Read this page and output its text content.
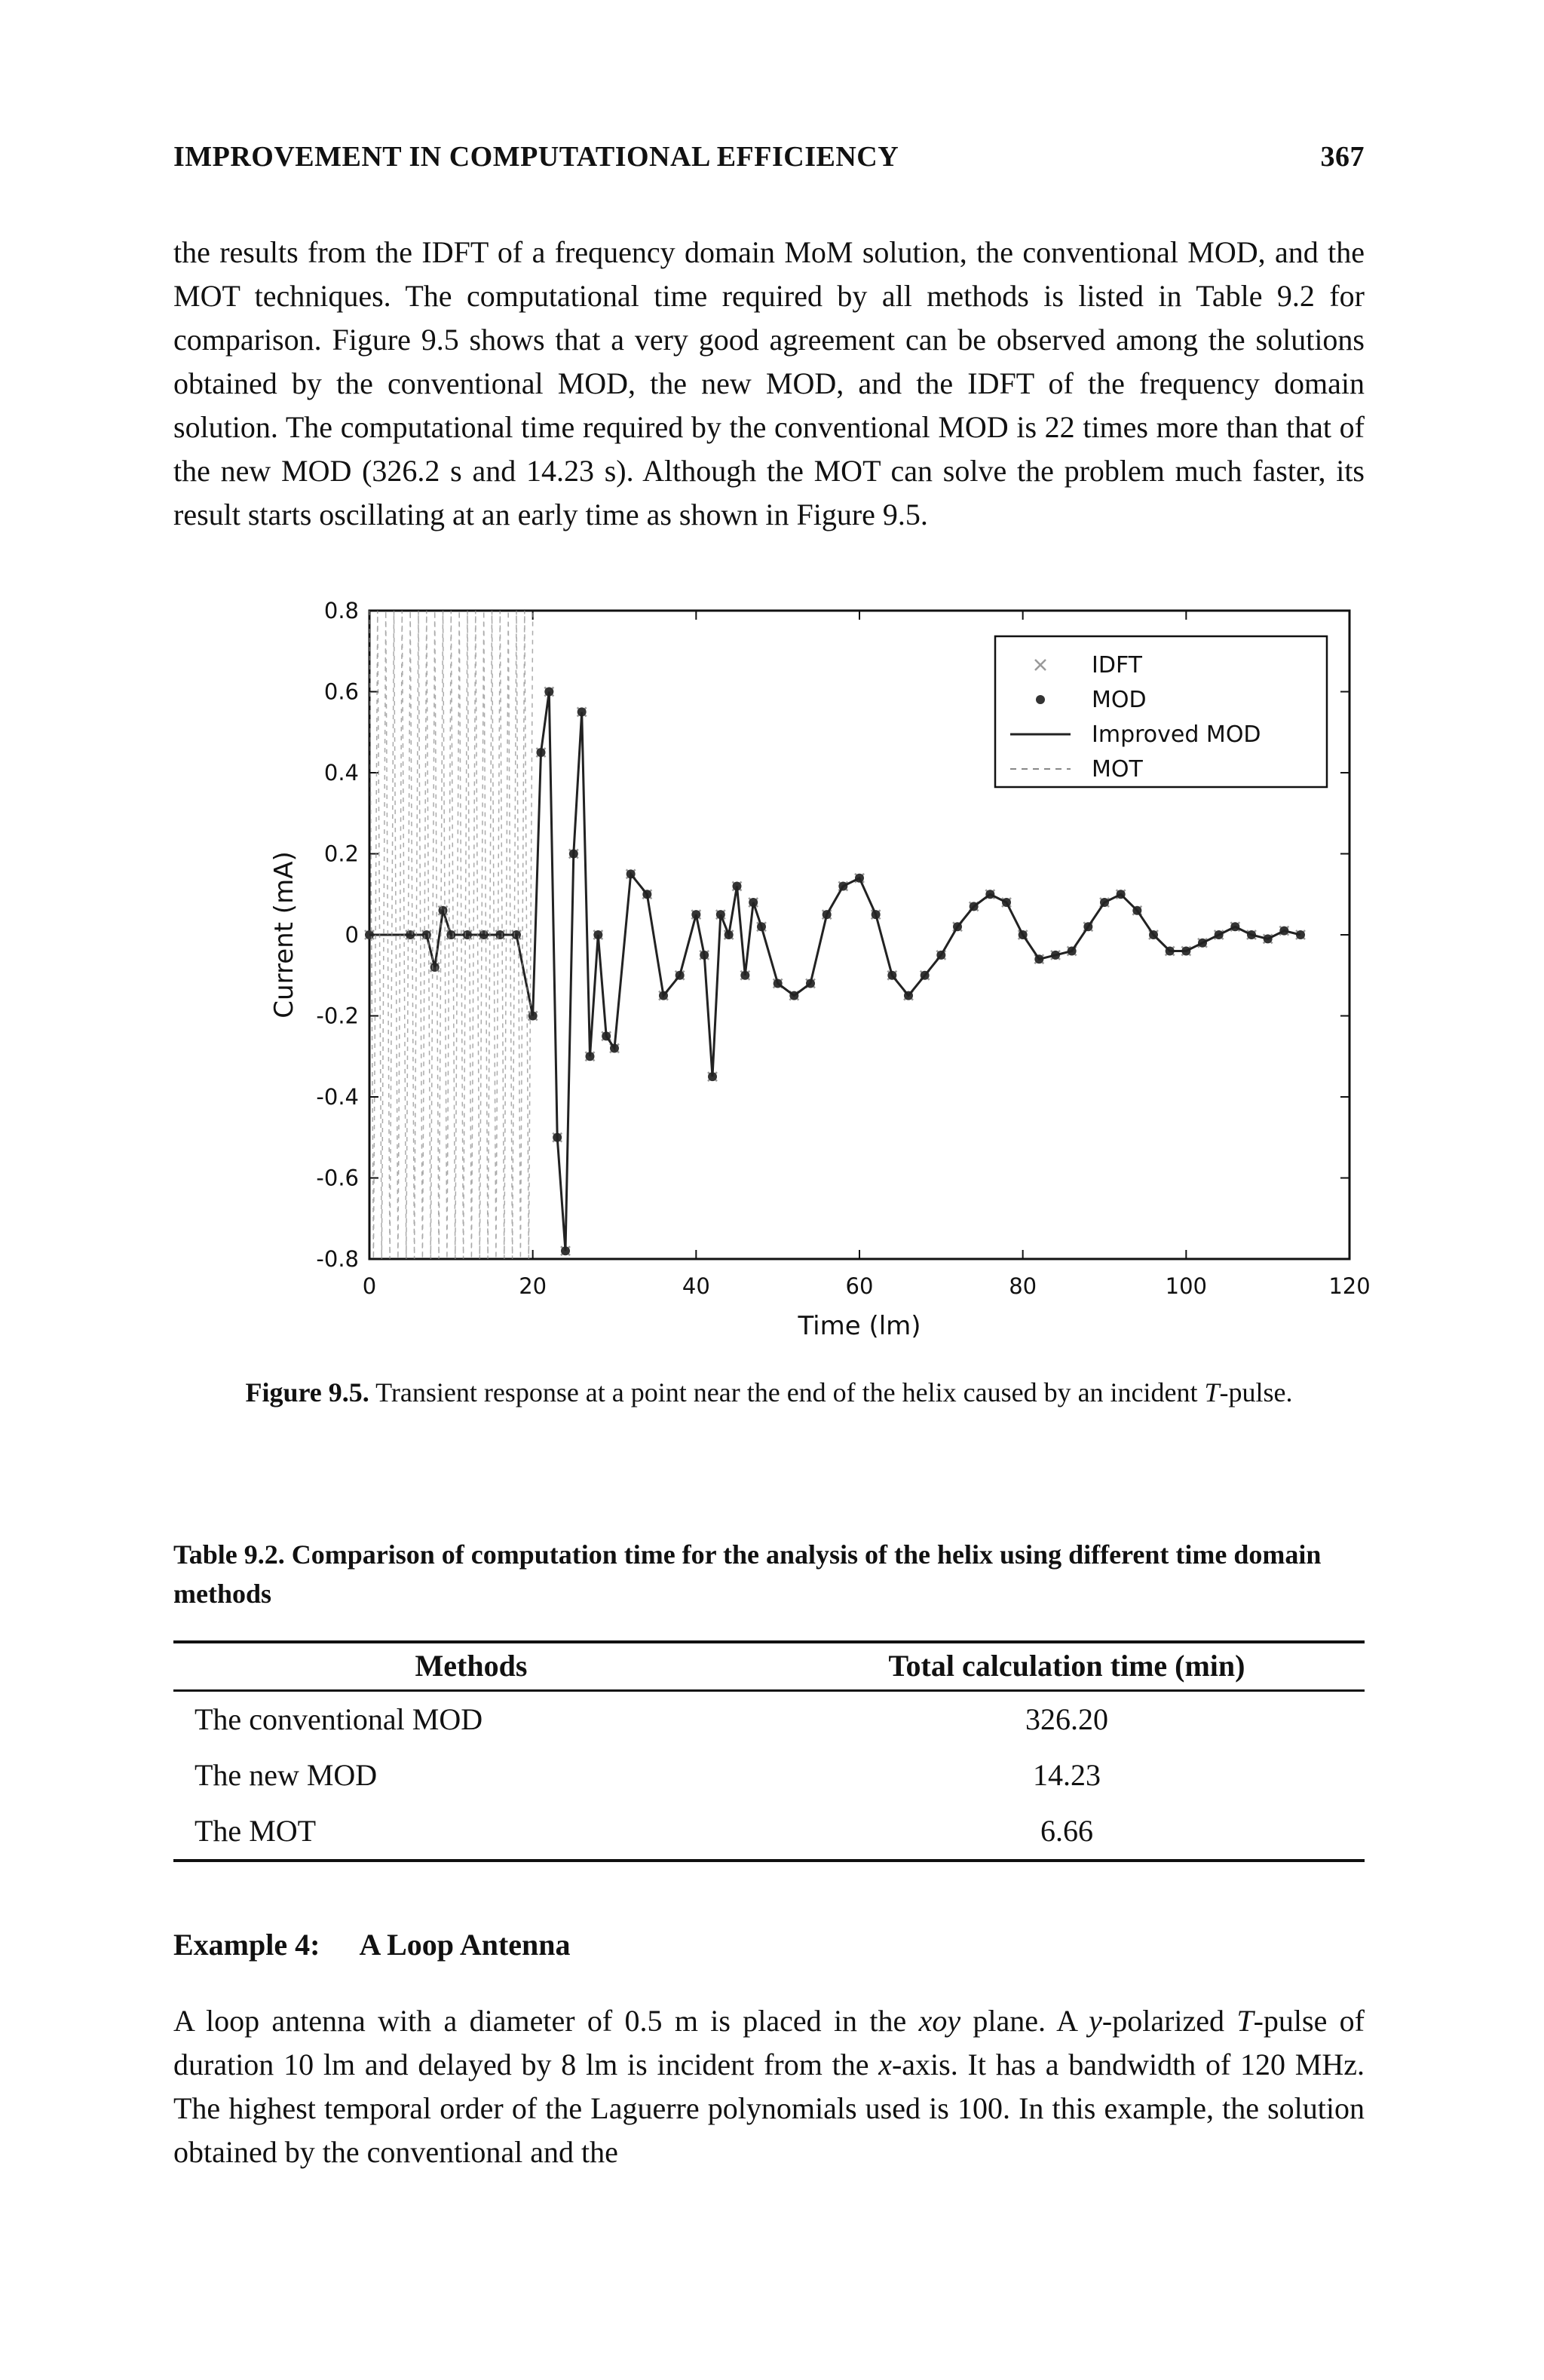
IMPROVEMENT IN COMPUTATIONAL EFFICIENCY	367

the results from the IDFT of a frequency domain MoM solution, the conventional MOD, and the MOT techniques. The computational time required by all methods is listed in Table 9.2 for comparison. Figure 9.5 shows that a very good agreement can be observed among the solutions obtained by the conventional MOD, the new MOD, and the IDFT of the frequency domain solution. The computational time required by the conventional MOD is 22 times more than that of the new MOD (326.2 s and 14.23 s). Although the MOT can solve the problem much faster, its result starts oscillating at an early time as shown in Figure 9.5.

0	20	40	60	80	100	120
0.8
0.6
0.4
0.2
0
-0.2
-0.4
-0.6
-0.8
Time (lm)
Current (mA)
IDFT
MOD
Improved MOD
MOT
Figure 9.5. Transient response at a point near the end of the helix caused by an incident T-pulse.
Table 9.2. Comparison of computation time for the analysis of the helix using different time domain methods
Methods	Total calculation time (min)
The conventional MOD	326.20
The new MOD	14.23
The MOT	6.66
Example 4: A Loop Antenna

A loop antenna with a diameter of 0.5 m is placed in the xoy plane. A y-polarized T-pulse of duration 10 lm and delayed by 8 lm is incident from the x-axis. It has a bandwidth of 120 MHz. The highest temporal order of the Laguerre polynomials used is 100. In this example, the solution obtained by the conventional and the
